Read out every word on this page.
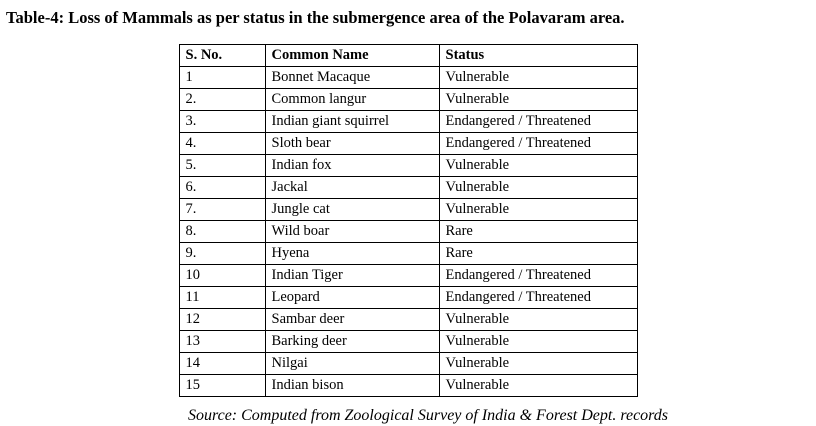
Table-4: Loss of Mammals as per status in the submergence area of the Polavaram area.
S. No.	Common Name	Status
1	Bonnet Macaque	Vulnerable
2.	Common langur	Vulnerable
3.	Indian giant squirrel	Endangered / Threatened
4.	Sloth bear	Endangered / Threatened
5.	Indian fox	Vulnerable
6.	Jackal	Vulnerable
7.	Jungle cat	Vulnerable
8.	Wild boar	Rare
9.	Hyena	Rare
10	Indian Tiger	Endangered / Threatened
11	Leopard	Endangered / Threatened
12	Sambar deer	Vulnerable
13	Barking deer	Vulnerable
14	Nilgai	Vulnerable
15	Indian bison	Vulnerable
Source: Computed from Zoological Survey of India & Forest Dept. records
